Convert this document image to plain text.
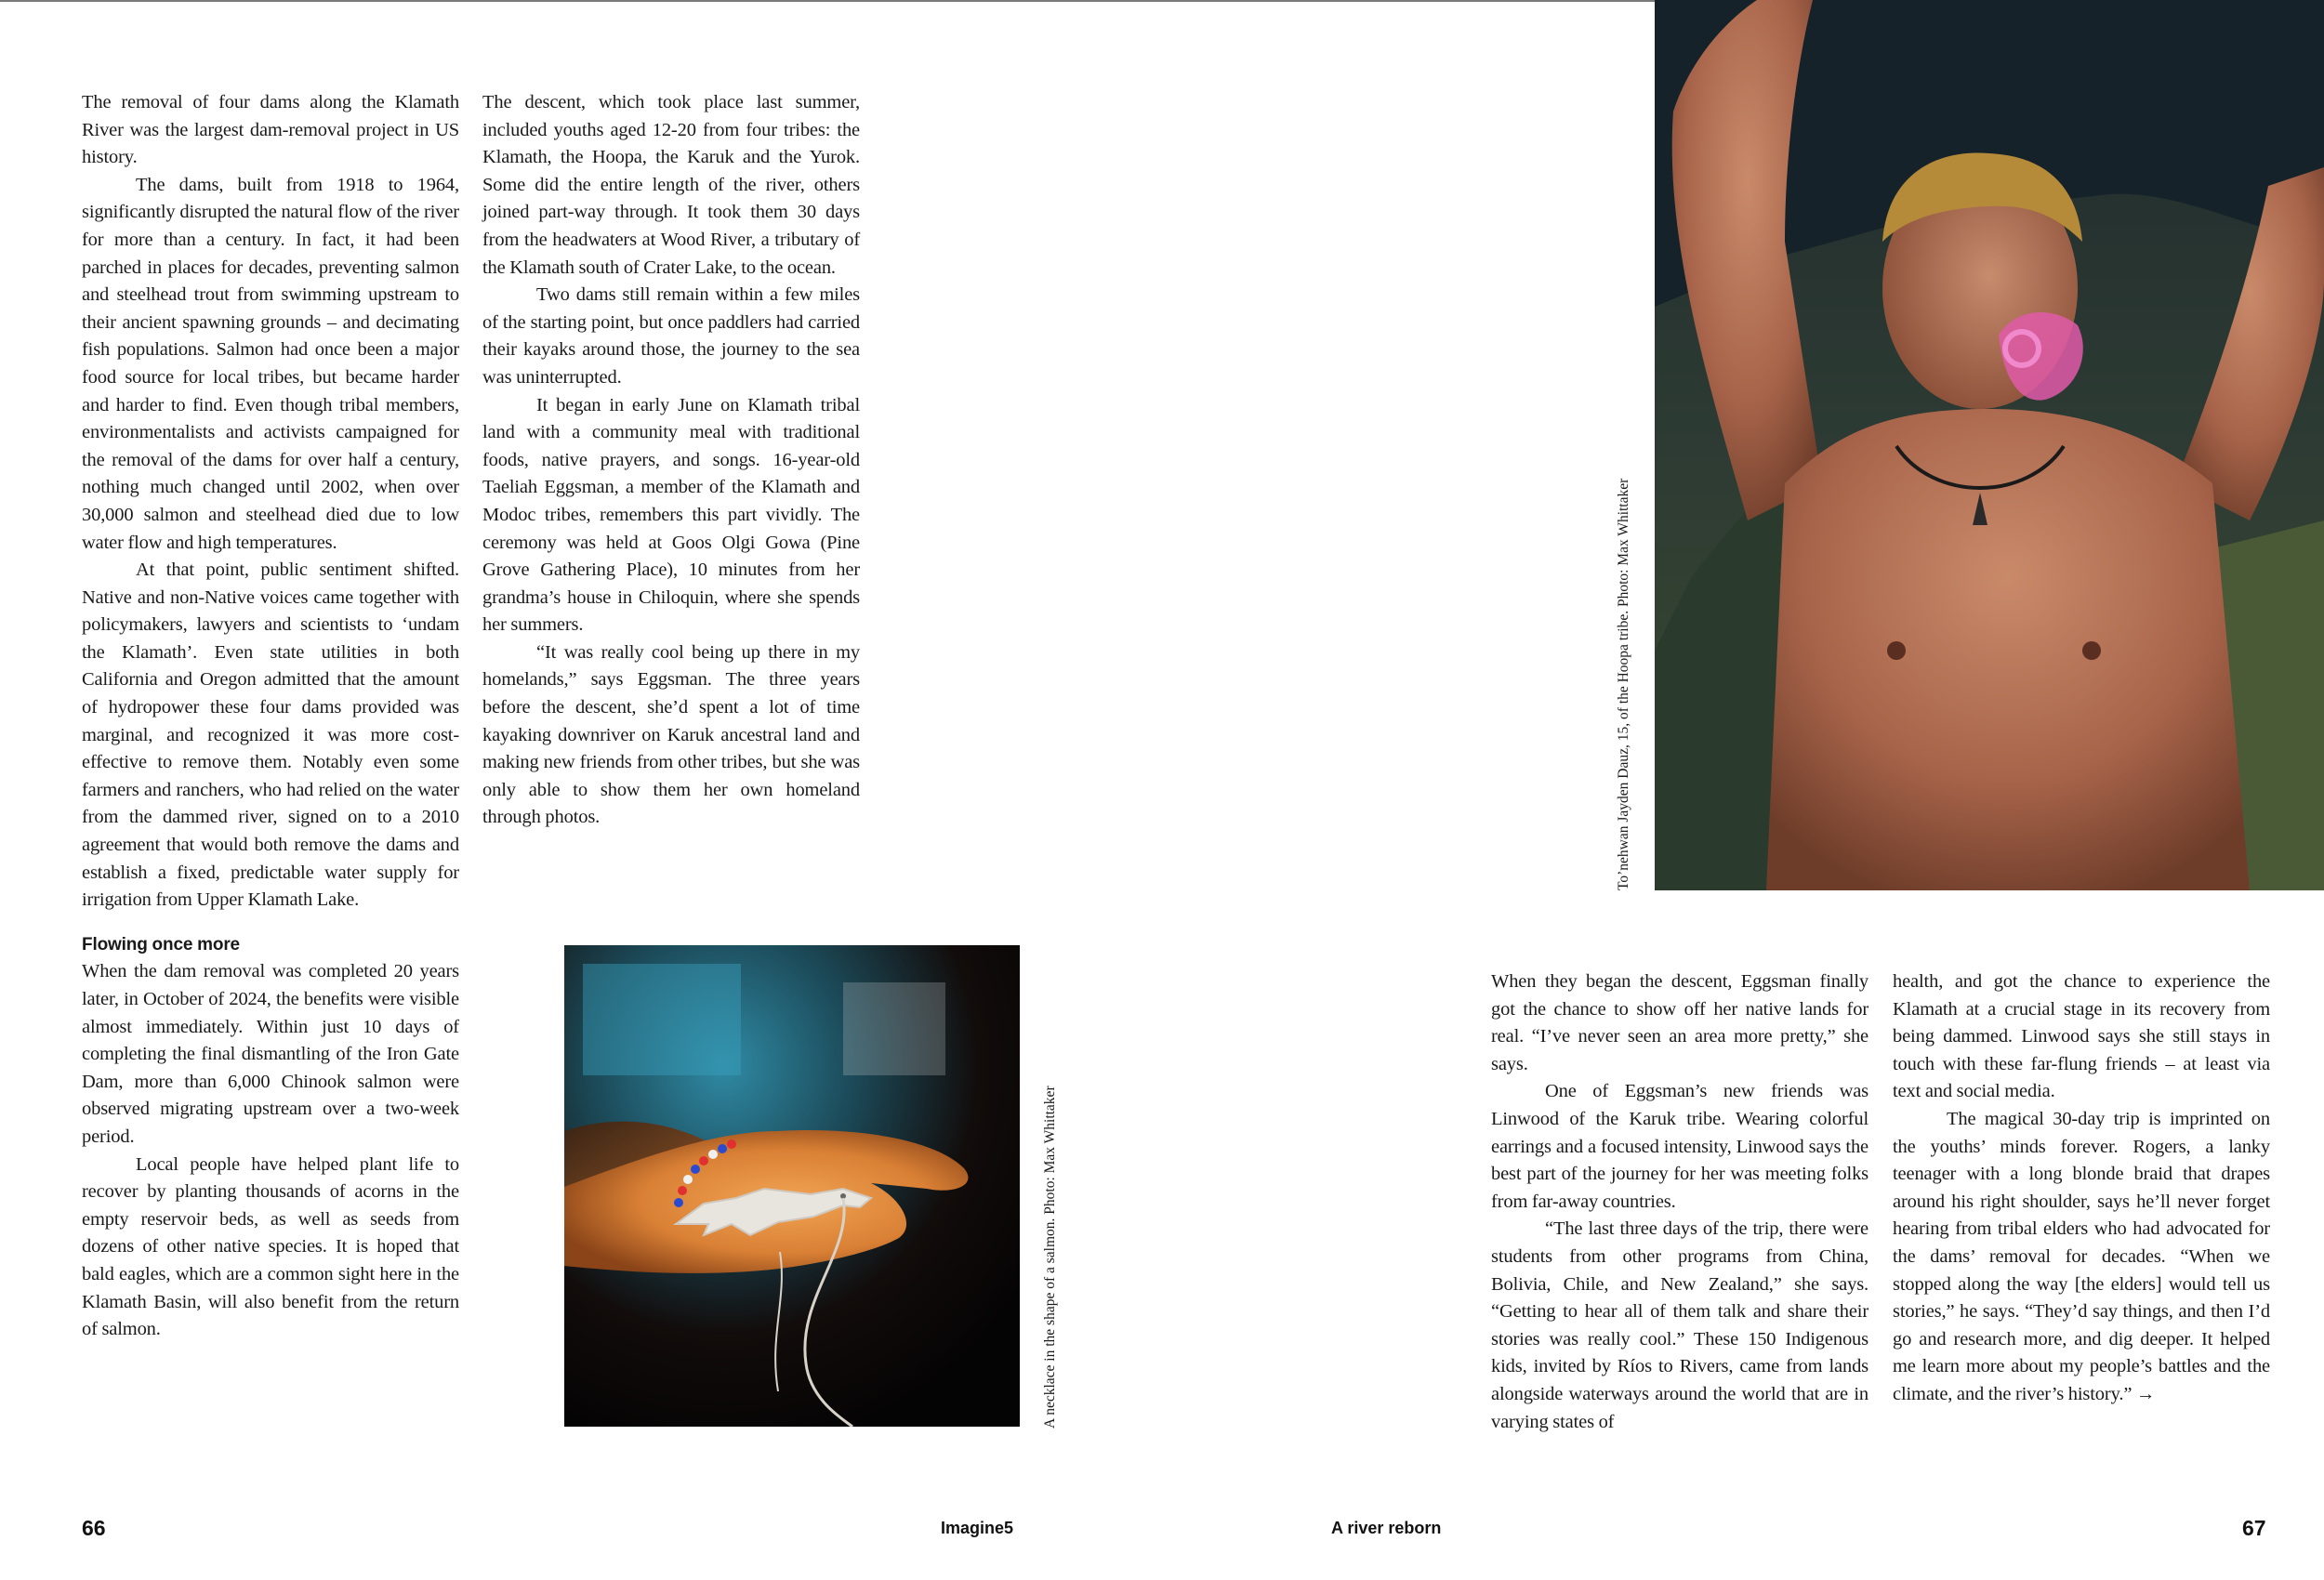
The removal of four dams along the Klamath River was the largest dam-removal project in US history.

The dams, built from 1918 to 1964, significantly disrupted the natural flow of the river for more than a century. In fact, it had been parched in places for decades, preventing salmon and steelhead trout from swimming upstream to their ancient spawning grounds – and decimating fish populations. Salmon had once been a major food source for local tribes, but became harder and harder to find. Even though tribal members, environmentalists and activists campaigned for the removal of the dams for over half a century, nothing much changed until 2002, when over 30,000 salmon and steelhead died due to low water flow and high temperatures.

At that point, public sentiment shifted. Native and non-Native voices came together with policymakers, lawyers and scientists to ‘undam the Klamath’. Even state utilities in both California and Oregon admitted that the amount of hydropower these four dams provided was marginal, and recognized it was more cost-effective to remove them. Notably even some farmers and ranchers, who had relied on the water from the dammed river, signed on to a 2010 agreement that would both remove the dams and establish a fixed, predictable water supply for irrigation from Upper Klamath Lake.

Flowing once more

When the dam removal was completed 20 years later, in October of 2024, the benefits were visible almost immediately. Within just 10 days of completing the final dismantling of the Iron Gate Dam, more than 6,000 Chinook salmon were observed migrating upstream over a two-week period.

Local people have helped plant life to recover by planting thousands of acorns in the empty reservoir beds, as well as seeds from dozens of other native species. It is hoped that bald eagles, which are a common sight here in the Klamath Basin, will also benefit from the return of salmon.

The descent, which took place last summer, included youths aged 12-20 from four tribes: the Klamath, the Hoopa, the Karuk and the Yurok. Some did the entire length of the river, others joined part-way through. It took them 30 days from the headwaters at Wood River, a tributary of the Klamath south of Crater Lake, to the ocean.

Two dams still remain within a few miles of the starting point, but once paddlers had carried their kayaks around those, the journey to the sea was uninterrupted.

It began in early June on Klamath tribal land with a community meal with traditional foods, native prayers, and songs. 16-year-old Taeliah Eggsman, a member of the Klamath and Modoc tribes, remembers this part vividly. The ceremony was held at Goos Olgi Gowa (Pine Grove Gathering Place), 10 minutes from her grandma’s house in Chiloquin, where she spends her summers.

“It was really cool being up there in my homelands,” says Eggsman. The three years before the descent, she’d spent a lot of time kayaking downriver on Karuk ancestral land and making new friends from other tribes, but she was only able to show them her own homeland through photos.

A necklace in the shape of a salmon. Photo: Max Whittaker
To’nehwan Jayden Dauz, 15, of the Hoopa tribe. Photo: Max Whittaker

When they began the descent, Eggsman finally got the chance to show off her native lands for real. “I’ve never seen an area more pretty,” she says.

One of Eggsman’s new friends was Linwood of the Karuk tribe. Wearing colorful earrings and a focused intensity, Linwood says the best part of the journey for her was meeting folks from far-away countries.

“The last three days of the trip, there were students from other programs from China, Bolivia, Chile, and New Zealand,” she says. “Getting to hear all of them talk and share their stories was really cool.” These 150 Indigenous kids, invited by Ríos to Rivers, came from lands alongside waterways around the world that are in varying states of

health, and got the chance to experience the Klamath at a crucial stage in its recovery from being dammed. Linwood says she still stays in touch with these far-flung friends – at least via text and social media.

The magical 30-day trip is imprinted on the youths’ minds forever. Rogers, a lanky teenager with a long blonde braid that drapes around his right shoulder, says he’ll never forget hearing from tribal elders who had advocated for the dams’ removal for decades. “When we stopped along the way [the elders] would tell us stories,” he says. “They’d say things, and then I’d go and research more, and dig deeper. It helped me learn more about my people’s battles and the climate, and the river’s history.” →

66	Imagine5	A river reborn	67
